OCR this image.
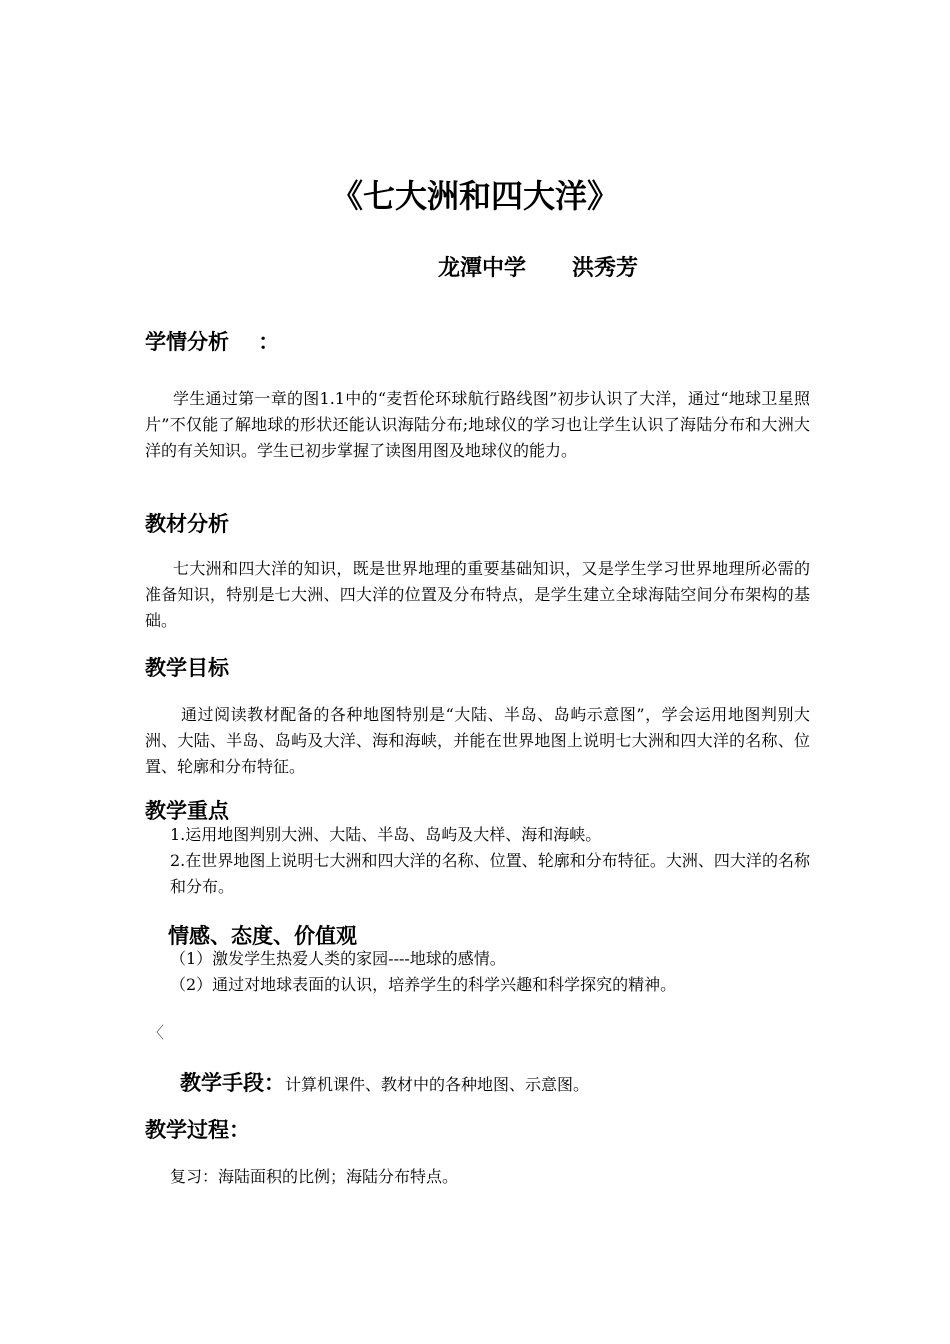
《七大洲和四大洋》
龙潭中学      洪秀芳
学情分析    ：
学生通过第一章的图1.1中的“麦哲伦环球航行路线图”初步认识了大洋，通过“地球卫星照片”不仅能了解地球的形状还能认识海陆分布;地球仪的学习也让学生认识了海陆分布和大洲大洋的有关知识。学生已初步掌握了读图用图及地球仪的能力。
教材分析
七大洲和四大洋的知识，既是世界地理的重要基础知识，又是学生学习世界地理所必需的准备知识，特别是七大洲、四大洋的位置及分布特点，是学生建立全球海陆空间分布架构的基础。
教学目标
通过阅读教材配备的各种地图特别是“大陆、半岛、岛屿示意图”，学会运用地图判别大洲、大陆、半岛、岛屿及大洋、海和海峡，并能在世界地图上说明七大洲和四大洋的名称、位置、轮廓和分布特征。
教学重点
1.运用地图判别大洲、大陆、半岛、岛屿及大样、海和海峡。
2.在世界地图上说明七大洲和四大洋的名称、位置、轮廓和分布特征。大洲、四大洋的名称和分布。
情感、态度、价值观
（1）激发学生热爱人类的家园----地球的感情。
（2）通过对地球表面的认识，培养学生的科学兴趣和科学探究的精神。
〈
教学手段：计算机课件、教材中的各种地图、示意图。
教学过程：
复习：海陆面积的比例；海陆分布特点。
